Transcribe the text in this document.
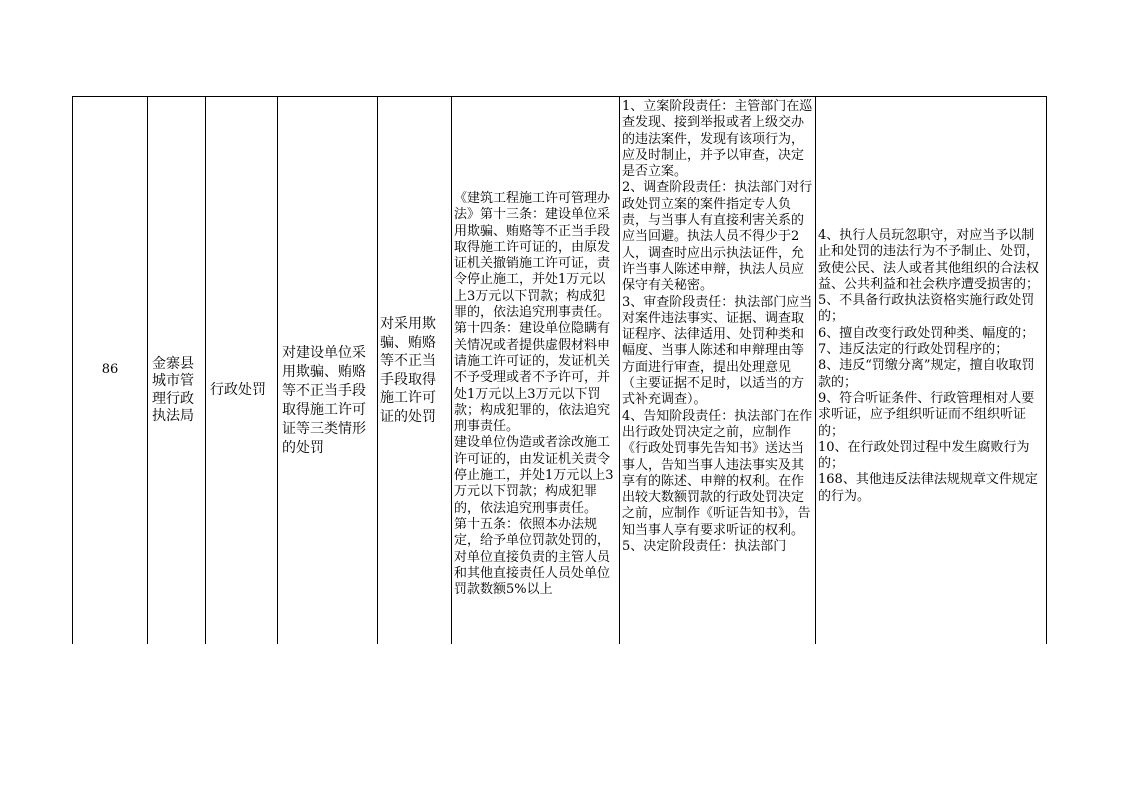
86 金寨县城市管理行政执法局
行政处罚
对建设单位采用欺骗、贿赂等不正当手段取得施工许可证等三类情形的处罚
对采用欺骗、贿赂等不正当手段取得施工许可证的处罚
《建筑工程施工许可管理办法》第十三条：建设单位采用欺骗、贿赂等不正当手段取得施工许可证的，由原发证机关撤销施工许可证，责令停止施工，并处1万元以上3万元以下罚款；构成犯罪的，依法追究刑事责任。
第十四条：建设单位隐瞒有关情况或者提供虚假材料申请施工许可证的，发证机关不予受理或者不予许可，并处1万元以上3万元以下罚款；构成犯罪的，依法追究刑事责任。
建设单位伪造或者涂改施工许可证的，由发证机关责令停止施工，并处1万元以上3万元以下罚款；构成犯罪的，依法追究刑事责任。
第十五条：依照本办法规定，给予单位罚款处罚的，对单位直接负责的主管人员和其他直接责任人员处单位罚款数额5%以上
1、立案阶段责任：主管部门在巡查发现、接到举报或者上级交办的违法案件，发现有该项行为，应及时制止，并予以审查，决定是否立案。
2、调查阶段责任：执法部门对行政处罚立案的案件指定专人负责，与当事人有直接利害关系的应当回避。执法人员不得少于2人，调查时应出示执法证件，允许当事人陈述申辩，执法人员应保守有关秘密。
3、审查阶段责任：执法部门应当对案件违法事实、证据、调查取证程序、法律适用、处罚种类和幅度、当事人陈述和申辩理由等方面进行审查，提出处理意见（主要证据不足时，以适当的方式补充调查）。
4、告知阶段责任：执法部门在作出行政处罚决定之前，应制作《行政处罚事先告知书》送达当事人，告知当事人违法事实及其享有的陈述、申辩的权利。在作出较大数额罚款的行政处罚决定之前，应制作《听证告知书》，告知当事人享有要求听证的权利。
5、决定阶段责任：执法部门
4、执行人员玩忽职守，对应当予以制止和处罚的违法行为不予制止、处罚，致使公民、法人或者其他组织的合法权益、公共利益和社会秩序遭受损害的；
5、不具备行政执法资格实施行政处罚的；
6、擅自改变行政处罚种类、幅度的；
7、违反法定的行政处罚程序的；
8、违反“罚缴分离”规定，擅自收取罚款的；
9、符合听证条件、行政管理相对人要求听证，应予组织听证而不组织听证的；
10、在行政处罚过程中发生腐败行为的；
168、其他违反法律法规规章文件规定的行为。
